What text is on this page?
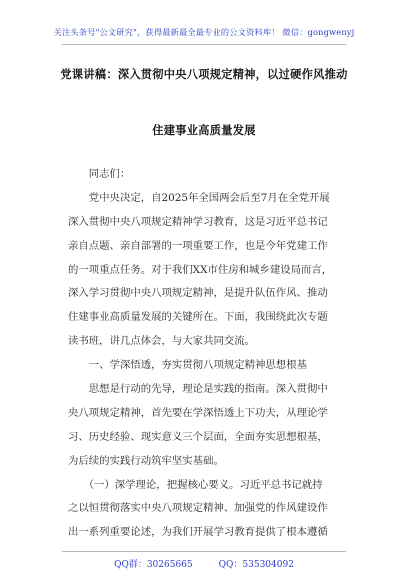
关注头条号"公文研究"，获得最新最全最专业的公文资料库！ 微信：gongwenyj
党课讲稿：深入贯彻中央八项规定精神，以过硬作风推动
住建事业高质量发展
　　同志们：
　　党中央决定，自2025年全国两会后至7月在全党开展
深入贯彻中央八项规定精神学习教育，这是习近平总书记
亲自点题、亲自部署的一项重要工作，也是今年党建工作
的一项重点任务。对于我们XX市住房和城乡建设局而言，
深入学习贯彻中央八项规定精神，是提升队伍作风、推动
住建事业高质量发展的关键所在。下面，我围绕此次专题
读书班，讲几点体会，与大家共同交流。
　　一、学深悟透，夯实贯彻八项规定精神思想根基
　　思想是行动的先导，理论是实践的指南。深入贯彻中
央八项规定精神，首先要在学深悟透上下功夫，从理论学
习、历史经验、现实意义三个层面，全面夯实思想根基，
为后续的实践行动筑牢坚实基础。
　　（一）深学理论，把握核心要义。习近平总书记就持
之以恒贯彻落实中央八项规定精神、加强党的作风建设作
出一系列重要论述，为我们开展学习教育提供了根本遵循
QQ群：30265665	QQ：535304092
